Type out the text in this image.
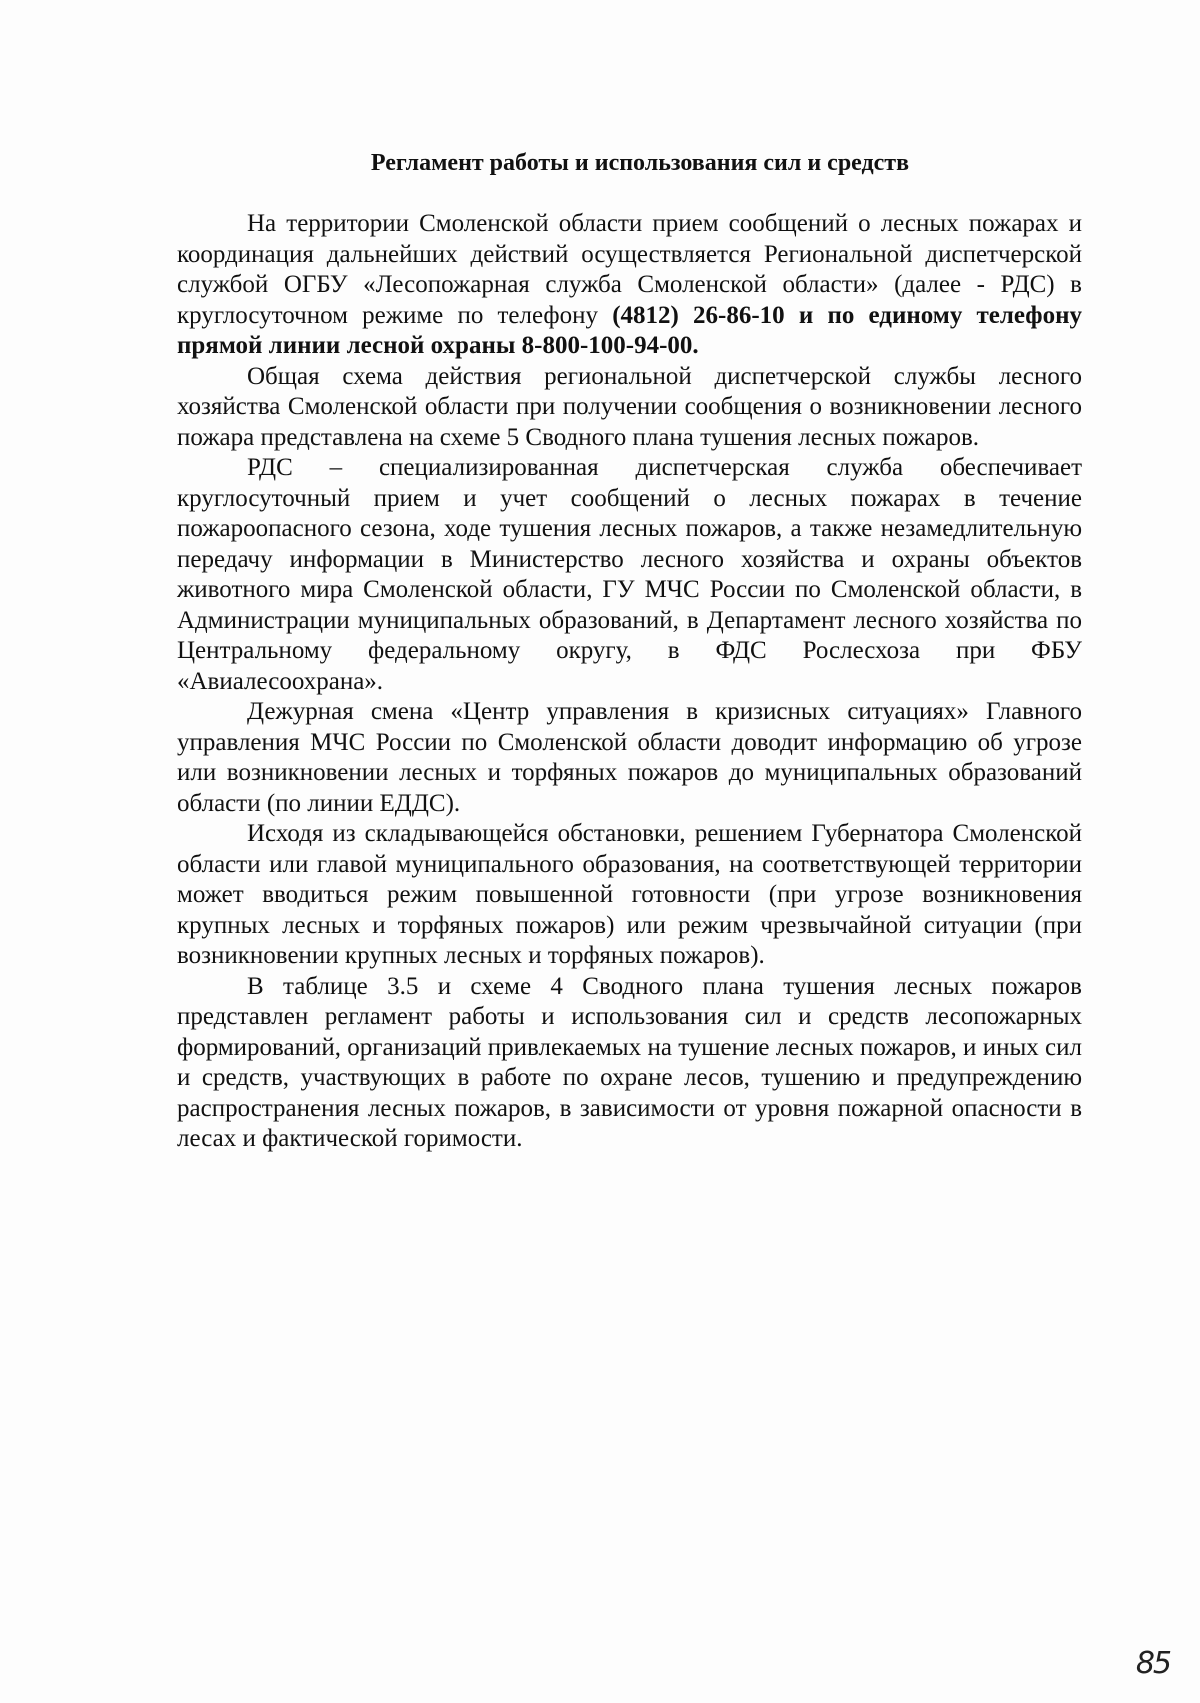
Регламент работы и использования сил и средств

На территории Смоленской области прием сообщений о лесных пожарах и координация дальнейших действий осуществляется Региональной диспетчерской службой ОГБУ «Лесопожарная служба Смоленской области» (далее - РДС) в круглосуточном режиме по телефону (4812) 26-86-10 и по единому телефону прямой линии лесной охраны 8-800-100-94-00.

Общая схема действия региональной диспетчерской службы лесного хозяйства Смоленской области при получении сообщения о возникновении лесного пожара представлена на схеме 5 Сводного плана тушения лесных пожаров.

РДС – специализированная диспетчерская служба обеспечивает круглосуточный прием и учет сообщений о лесных пожарах в течение пожароопасного сезона, ходе тушения лесных пожаров, а также незамедлительную передачу информации в Министерство лесного хозяйства и охраны объектов животного мира Смоленской области, ГУ МЧС России по Смоленской области, в Администрации муниципальных образований, в Департамент лесного хозяйства по Центральному федеральному округу, в ФДС Рослесхоза при ФБУ «Авиалесоохрана».

Дежурная смена «Центр управления в кризисных ситуациях» Главного управления МЧС России по Смоленской области доводит информацию об угрозе или возникновении лесных и торфяных пожаров до муниципальных образований области (по линии ЕДДС).

Исходя из складывающейся обстановки, решением Губернатора Смоленской области или главой муниципального образования, на соответствующей территории может вводиться режим повышенной готовности (при угрозе возникновения крупных лесных и торфяных пожаров) или режим чрезвычайной ситуации (при возникновении крупных лесных и торфяных пожаров).

В таблице 3.5 и схеме 4 Сводного плана тушения лесных пожаров представлен регламент работы и использования сил и средств лесопожарных формирований, организаций привлекаемых на тушение лесных пожаров, и иных сил и средств, участвующих в работе по охране лесов, тушению и предупреждению распространения лесных пожаров, в зависимости от уровня пожарной опасности в лесах и фактической горимости.

85
